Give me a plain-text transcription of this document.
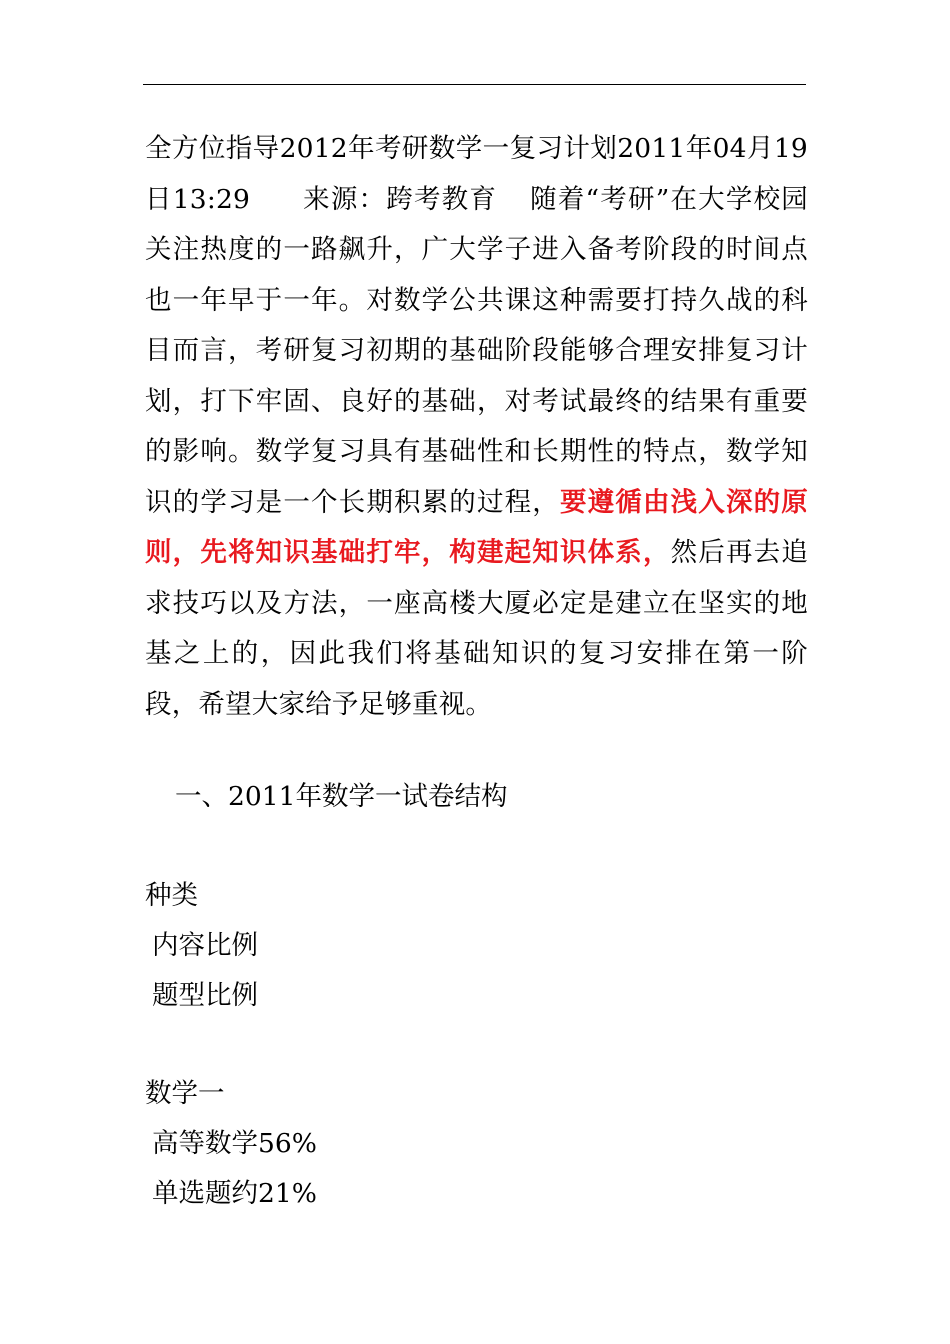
全方位指导2012年考研数学一复习计划2011年04月19日13:29 来源：跨考教育 随着“考研”在大学校园关注热度的一路飙升，广大学子进入备考阶段的时间点也一年早于一年。对数学公共课这种需要打持久战的科目而言，考研复习初期的基础阶段能够合理安排复习计划，打下牢固、良好的基础，对考试最终的结果有重要的影响。数学复习具有基础性和长期性的特点，数学知识的学习是一个长期积累的过程，要遵循由浅入深的原则，先将知识基础打牢，构建起知识体系，然后再去追求技巧以及方法，一座高楼大厦必定是建立在坚实的地基之上的，因此我们将基础知识的复习安排在第一阶段，希望大家给予足够重视。

一、2011年数学一试卷结构

种类

内容比例

题型比例

数学一

高等数学56%

单选题约21%
